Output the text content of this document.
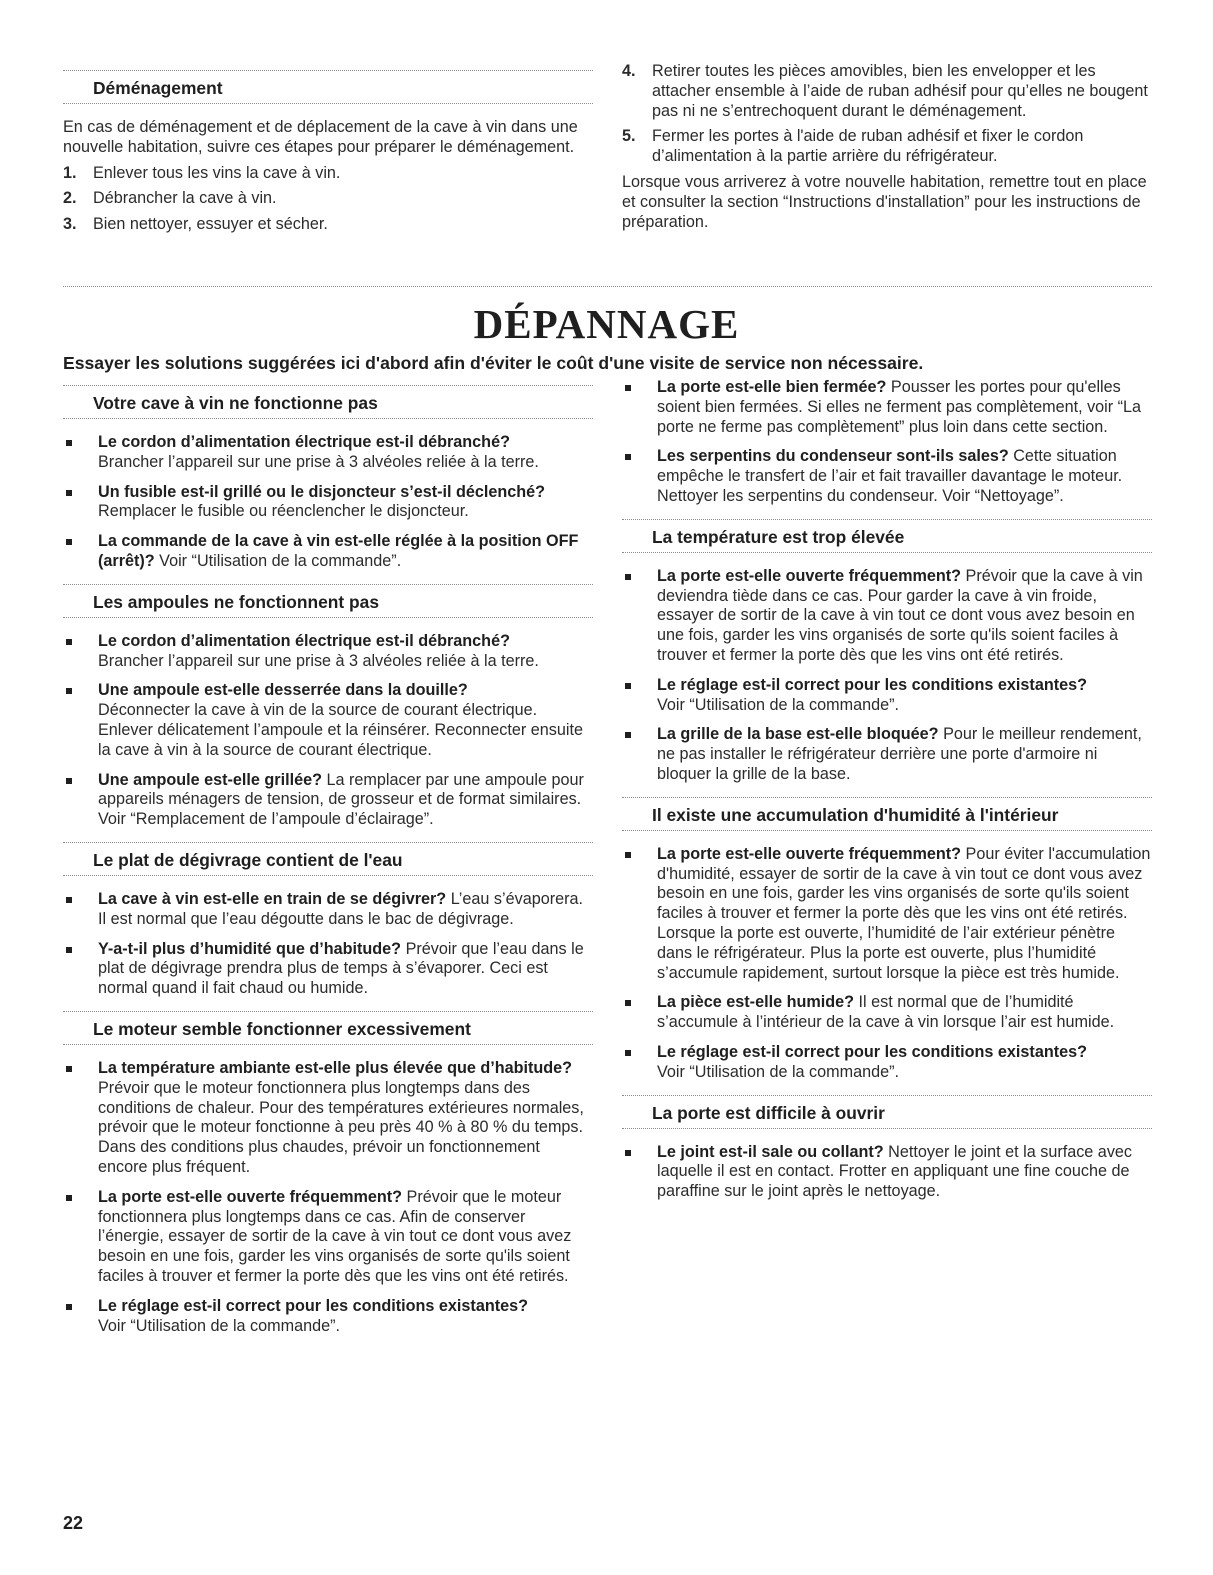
Déménagement

En cas de déménagement et de déplacement de la cave à vin dans une nouvelle habitation, suivre ces étapes pour préparer le déménagement.

1. Enlever tous les vins la cave à vin.
2. Débrancher la cave à vin.
3. Bien nettoyer, essuyer et sécher.
4. Retirer toutes les pièces amovibles, bien les envelopper et les attacher ensemble à l’aide de ruban adhésif pour qu’elles ne bougent pas ni ne s’entrechoquent durant le déménagement.
5. Fermer les portes à l'aide de ruban adhésif et fixer le cordon d’alimentation à la partie arrière du réfrigérateur.

Lorsque vous arriverez à votre nouvelle habitation, remettre tout en place et consulter la section “Instructions d'installation” pour les instructions de préparation.

DÉPANNAGE
Essayer les solutions suggérées ici d'abord afin d'éviter le coût d'une visite de service non nécessaire.
Votre cave à vin ne fonctionne pas
Le cordon d’alimentation électrique est-il débranché?
Brancher l’appareil sur une prise à 3 alvéoles reliée à la terre.
Un fusible est-il grillé ou le disjoncteur s’est-il déclenché?
Remplacer le fusible ou réenclencher le disjoncteur.
La commande de la cave à vin est-elle réglée à la position OFF (arrêt)? Voir “Utilisation de la commande”.
Les ampoules ne fonctionnent pas
Le cordon d’alimentation électrique est-il débranché?
Brancher l’appareil sur une prise à 3 alvéoles reliée à la terre.
Une ampoule est-elle desserrée dans la douille?
Déconnecter la cave à vin de la source de courant électrique. Enlever délicatement l’ampoule et la réinsérer. Reconnecter ensuite la cave à vin à la source de courant électrique.
Une ampoule est-elle grillée? La remplacer par une ampoule pour appareils ménagers de tension, de grosseur et de format similaires. Voir “Remplacement de l’ampoule d’éclairage”.
Le plat de dégivrage contient de l'eau
La cave à vin est-elle en train de se dégivrer? L’eau s’évaporera. Il est normal que l’eau dégoutte dans le bac de dégivrage.
Y-a-t-il plus d’humidité que d’habitude? Prévoir que l’eau dans le plat de dégivrage prendra plus de temps à s’évaporer. Ceci est normal quand il fait chaud ou humide.
Le moteur semble fonctionner excessivement
La température ambiante est-elle plus élevée que d’habitude? Prévoir que le moteur fonctionnera plus longtemps dans des conditions de chaleur. Pour des températures extérieures normales, prévoir que le moteur fonctionne à peu près 40 % à 80 % du temps. Dans des conditions plus chaudes, prévoir un fonctionnement encore plus fréquent.
La porte est-elle ouverte fréquemment? Prévoir que le moteur fonctionnera plus longtemps dans ce cas. Afin de conserver l’énergie, essayer de sortir de la cave à vin tout ce dont vous avez besoin en une fois, garder les vins organisés de sorte qu'ils soient faciles à trouver et fermer la porte dès que les vins ont été retirés.
Le réglage est-il correct pour les conditions existantes?
Voir “Utilisation de la commande”.
La porte est-elle bien fermée? Pousser les portes pour qu'elles soient bien fermées. Si elles ne ferment pas complètement, voir “La porte ne ferme pas complètement” plus loin dans cette section.
Les serpentins du condenseur sont-ils sales? Cette situation empêche le transfert de l’air et fait travailler davantage le moteur. Nettoyer les serpentins du condenseur. Voir “Nettoyage”.
La température est trop élevée
La porte est-elle ouverte fréquemment? Prévoir que la cave à vin deviendra tiède dans ce cas. Pour garder la cave à vin froide, essayer de sortir de la cave à vin tout ce dont vous avez besoin en une fois, garder les vins organisés de sorte qu'ils soient faciles à trouver et fermer la porte dès que les vins ont été retirés.
Le réglage est-il correct pour les conditions existantes?
Voir “Utilisation de la commande”.
La grille de la base est-elle bloquée? Pour le meilleur rendement, ne pas installer le réfrigérateur derrière une porte d'armoire ni bloquer la grille de la base.
Il existe une accumulation d'humidité à l'intérieur
La porte est-elle ouverte fréquemment? Pour éviter l'accumulation d'humidité, essayer de sortir de la cave à vin tout ce dont vous avez besoin en une fois, garder les vins organisés de sorte qu'ils soient faciles à trouver et fermer la porte dès que les vins ont été retirés. Lorsque la porte est ouverte, l’humidité de l’air extérieur pénètre dans le réfrigérateur. Plus la porte est ouverte, plus l’humidité s’accumule rapidement, surtout lorsque la pièce est très humide.
La pièce est-elle humide? Il est normal que de l’humidité s’accumule à l’intérieur de la cave à vin lorsque l’air est humide.
Le réglage est-il correct pour les conditions existantes?
Voir “Utilisation de la commande”.
La porte est difficile à ouvrir
Le joint est-il sale ou collant? Nettoyer le joint et la surface avec laquelle il est en contact. Frotter en appliquant une fine couche de paraffine sur le joint après le nettoyage.
22
